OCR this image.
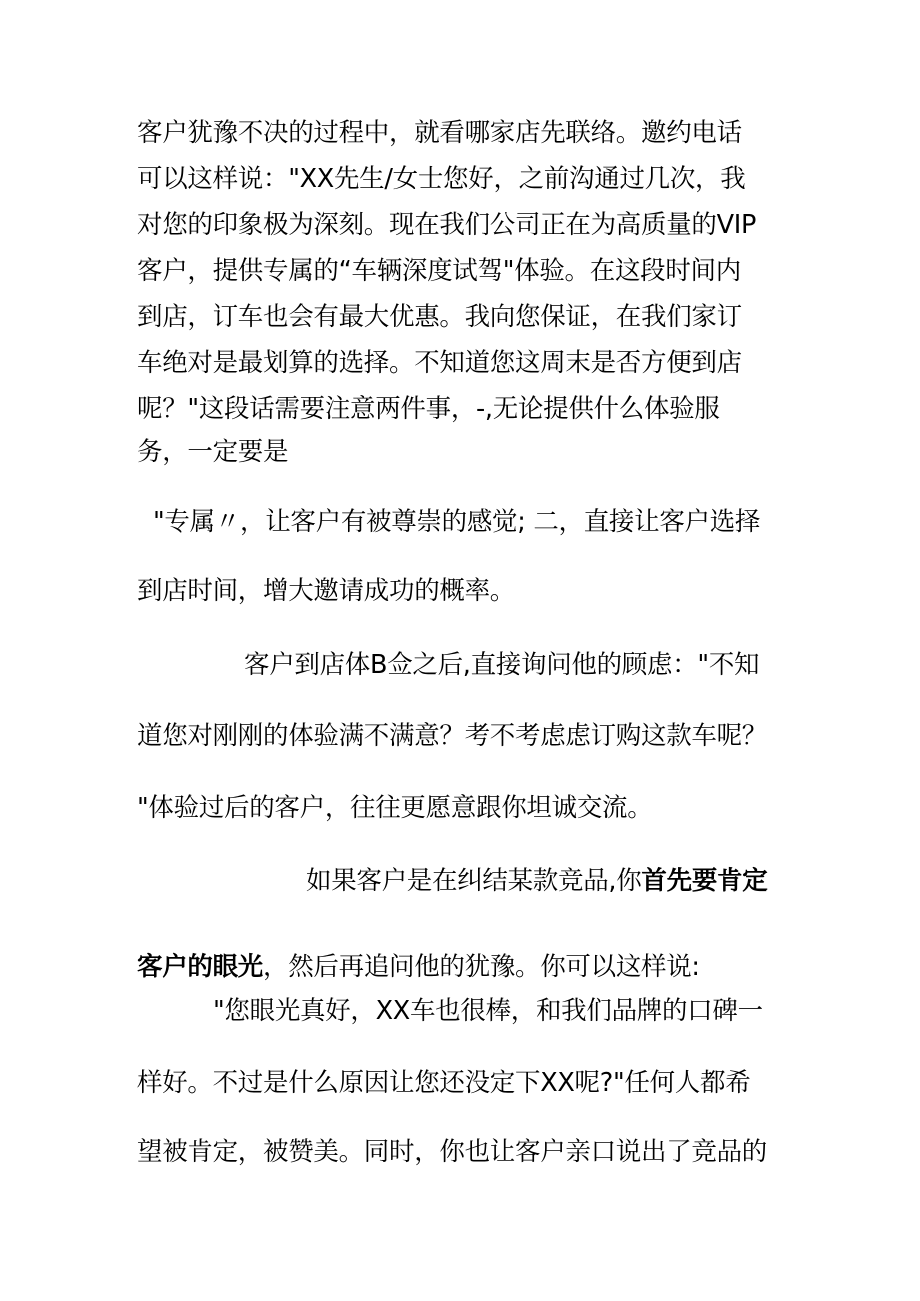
客户犹豫不决的过程中，就看哪家店先联络。邀约电话
可以这样说："XX先生/女士您好，之前沟通过几次，我
对您的印象极为深刻。现在我们公司正在为高质量的VIP
客户，提供专属的“车辆深度试驾"体验。在这段时间内
到店，订车也会有最大优惠。我向您保证，在我们家订
车绝对是最划算的选择。不知道您这周末是否方便到店
呢？"这段话需要注意两件事，-,无论提供什么体验服
务，一定要是
"专属〃，让客户有被尊崇的感觉; 二，直接让客户选择
到店时间，增大邀请成功的概率。
客户到店体B佥之后,直接询问他的顾虑："不知
道您对刚刚的体验满不满意？考不考虑虑订购这款车呢？
"体验过后的客户，往往更愿意跟你坦诚交流。
如果客户是在纠结某款竞品,你首先要肯定
客户的眼光，然后再追问他的犹豫。你可以这样说:
"您眼光真好，XX车也很棒，和我们品牌的口碑一
样好。不过是什么原因让您还没定下XX呢?"任何人都希
望被肯定，被赞美。同时，你也让客户亲口说出了竞品的
